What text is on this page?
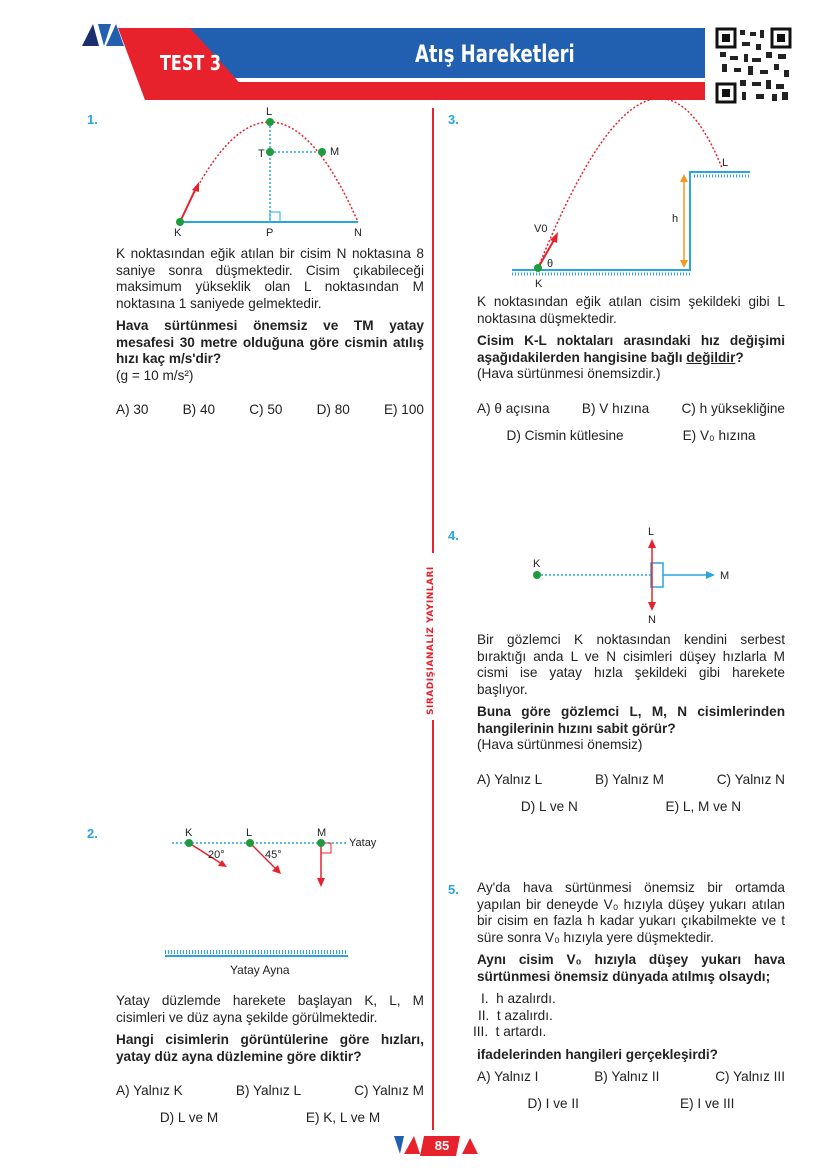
TEST 3	Atış Hareketleri
SIRADIŞIANALİZ YAYINLARI
1.
K
L
T	M
P	N
K noktasından eğik atılan bir cisim N noktasına 8 saniye sonra düşmektedir. Cisim çıkabileceği maksimum yükseklik olan L noktasından M noktasına 1 saniyede gelmektedir.
Hava sürtünmesi önemsiz ve TM yatay mesafesi 30 metre olduğuna göre cismin atılış hızı kaç m/s'dir?
(g = 10 m/s²)
A) 30	B) 40	C) 50	D) 80	E) 100
3.
K
L
h
V0
θ
K noktasından eğik atılan cisim şekildeki gibi L noktasına düşmektedir.
Cisim K-L noktaları arasındaki hız değişimi aşağıdakilerden hangisine bağlı değildir?
(Hava sürtünmesi önemsizdir.)
A) θ açısına B) V hızına C) h yüksekliğine
D) Cismin kütlesine	E) V₀ hızına
4.
K
L
M
N
Bir gözlemci K noktasından kendini serbest bıraktığı anda L ve N cisimleri düşey hızlarla M cismi ise yatay hızla şekildeki gibi harekete başlıyor.
Buna göre gözlemci L, M, N cisimlerinden hangilerinin hızını sabit görür?
(Hava sürtünmesi önemsiz)
A) Yalnız L	B) Yalnız M	C) Yalnız N
D) L ve N	E) L, M ve N
2.	K	L	M
Yatay
20°	45°
Yatay Ayna
Yatay düzlemde harekete başlayan K, L, M cisimleri ve düz ayna şekilde görülmektedir.
Hangi cisimlerin görüntülerine göre hızları, yatay düz ayna düzlemine göre diktir?
A) Yalnız K	B) Yalnız L	C) Yalnız M
D) L ve M	E) K, L ve M
5. Ay'da hava sürtünmesi önemsiz bir ortamda yapılan bir deneyde V₀ hızıyla düşey yukarı atılan bir cisim en fazla h kadar yukarı çıkabilmekte ve t süre sonra V₀ hızıyla yere düşmektedir.
Aynı cisim V₀ hızıyla düşey yukarı hava sürtünmesi önemsiz dünyada atılmış olsaydı;
I.  h azalırdı.
II.  t azalırdı.
III.  t artardı.
ifadelerinden hangileri gerçekleşirdi?
A) Yalnız I	B) Yalnız II	C) Yalnız III
D) I ve II	E) I ve III
85
